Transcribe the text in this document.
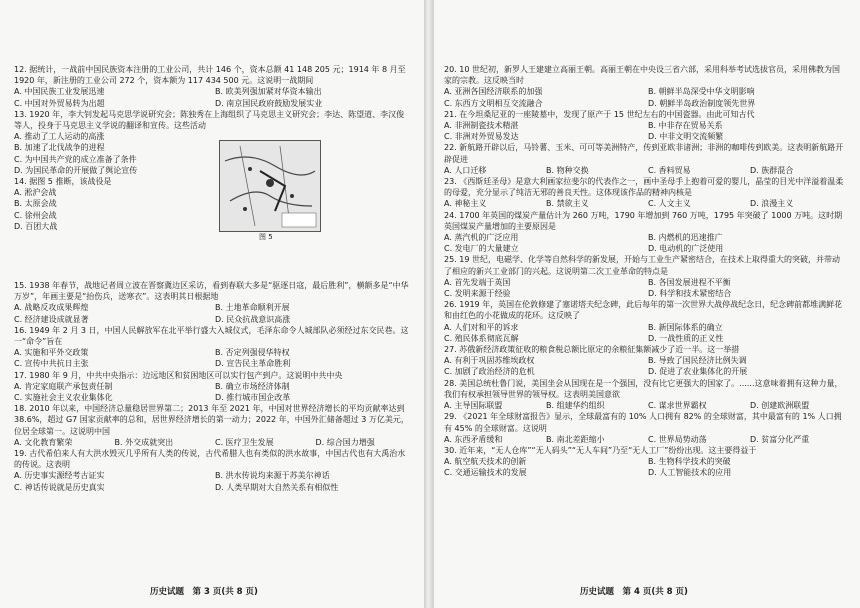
12. 据统计，一战前中国民族资本注册的工业公司，共计 146 个，资本总额 41 148 205 元；1914 年 8 月至 1920 年，新注册的工业公司 272 个，资本额为 117 434 500 元。这说明一战期间
A. 中国民族工业发展迅速	B. 欧美列强加紧对华资本输出
C. 中国对外贸易转为出超	D. 南京国民政府鼓励发展实业
13. 1920 年，李大钊发起马克思学说研究会；陈独秀在上海组织了马克思主义研究会；李达、陈望道、李汉俊等人，投身于马克思主义学说的翻译和宣传。这些活动
A. 推动了工人运动的高涨
B. 加速了北伐战争的进程
C. 为中国共产党的成立准备了条件
D. 为国民革命的开展做了舆论宣传
14. 据图 5 推断，该战役是
A. 淞沪会战
B. 太原会战
C. 徐州会战
D. 百团大战
图 5
15. 1938 年春节，战地记者周立波在晋察冀边区采访，看到春联大多是“驱逐日寇，最后胜利”，横额多是“中华万岁”，年画主要是“抬伤兵，送寒衣”。这表明其日根据地
A. 战略反攻成果辉煌	B. 土地革命顺利开展
C. 经济建设成就显著	D. 民众抗战意识高涨
16. 1949 年 2 月 3 日，中国人民解放军在北平举行盛大入城仪式，毛泽东命令人城部队必须经过东交民巷。这一“命令”旨在
A. 实施和平外交政策	B. 否定列强侵华特权
C. 宣传中共抗日主张	D. 宣告民主革命胜利
17. 1980 年 9 月，中共中央指示：边远地区和贫困地区可以实行包产到户。这说明中共中央
A. 肯定家庭联产承包责任制	B. 确立市场经济体制
C. 实施社会主义农业集体化	D. 推行城市国企改革
18. 2010 年以来，中国经济总量稳居世界第二；2013 年至 2021 年，中国对世界经济增长的平均贡献率达到 38.6%，超过 G7 国家贡献率的总和，居世界经济增长的第一动力；2022 年，中国外汇储备超过 3 万亿美元，位居全球第一。这说明中国
A. 文化教育繁荣	B. 外交成就突出	C. 医疗卫生发展	D. 综合国力增强
19. 古代希伯来人有大洪水毁灭几乎所有人类的传说，古代希腊人也有类似的洪水故事，中国古代也有大禹治水的传说。这表明
A. 历史事实源经考古证实	B. 洪水传说均来源于苏美尔神话
C. 神话传说就是历史真实	D. 人类早期对大自然关系有相似性
历史试题　第 3 页(共 8 页)
20. 10 世纪初，新罗人王建建立高丽王朝。高丽王朝在中央设三省六部，采用科举考试选拔官员，采用佛教为国家的宗教。这反映当时
A. 亚洲各国经济联系的加强	B. 朝鲜半岛深受中华文明影响
C. 东西方文明相互交流融合	D. 朝鲜半岛政治制度领先世界
21. 在今坦桑尼亚的一座陵墓中，发现了原产于 15 世纪左右的中国瓷器。由此可知古代
A. 非洲制瓷技术精湛	B. 中非存在贸易关系
C. 非洲对外贸易发达	D. 中非文明交流频繁
22. 新航路开辟以后，马铃薯、玉米、可可等美洲特产，传到亚欧非诸洲；非洲的咖啡传到欧美。这表明新航路开辟促进
A. 人口迁移	B. 物种交换	C. 香料贸易	D. 族群混合
23. 《西斯廷圣母》是意大利画家拉斐尔的代表作之一，画中圣母手上抱着可爱的婴儿，晶莹的目光中洋溢着温柔的母爱，充分显示了纯洁无邪的善良天性。这体现该作品的精神内核是
A. 神秘主义	B. 禁欲主义	C. 人文主义	D. 浪漫主义
24. 1700 年英国的煤炭产量估计为 260 万吨，1790 年增加到 760 万吨，1795 年突破了 1000 万吨。这时期英国煤炭产量增加的主要原因是
A. 蒸汽机的广泛应用	B. 内燃机的迅速推广
C. 发电厂的大量建立	D. 电动机的广泛使用
25. 19 世纪，电磁学、化学等自然科学的新发展，开始与工业生产紧密结合，在技术上取得重大的突破，并带动了相应的新兴工业部门的兴起。这说明第二次工业革命的特点是
A. 首先发端于英国	B. 各国发展进程不平衡
C. 发明来源于经验	D. 科学和技术紧密结合
26. 1919 年，英国在伦敦修建了塞诺塔夫纪念碑，此后每年的第一次世界大战停战纪念日，纪念碑前都堆满鲜花和由红色的小花做成的花环。这反映了
A. 人们对和平的诉求	B. 新国际体系的确立
C. 殖民体系彻底瓦解	D. 一战性质的正义性
27. 苏俄新经济政策征收的粮食税总额比原定的余粮征集额减少了近一半。这一举措
A. 有利于巩固苏维埃政权	B. 导致了国民经济比例失调
C. 加剧了政治经济的危机	D. 促进了农业集体化的开展
28. 美国总统杜鲁门说，美国坐会从国现在是一个强国，没有比它更强大的国家了。......这意味着拥有这种力量，我们有权承担领导世界的领导权。这表明美国意欲
A. 主导国际联盟	B. 组建华约组织	C. 谋求世界霸权	D. 创建欧洲联盟
29. 《2021 年全球财富报告》显示，全球最富有的 10% 人口拥有 82% 的全球财富，其中最富有的 1% 人口拥有 45% 的全球财富。这说明
A. 东西矛盾缓和	B. 南北差距缩小	C. 世界局势动荡	D. 贫富分化严重
30. 近年来，“无人仓库”“无人码头”“无人车间”乃至“无人工厂”纷纷出现。这主要得益于
A. 航空航天技术的创新	B. 生物科学技术的突破
C. 交通运输技术的发展	D. 人工智能技术的应用
历史试题　第 4 页(共 8 页)
